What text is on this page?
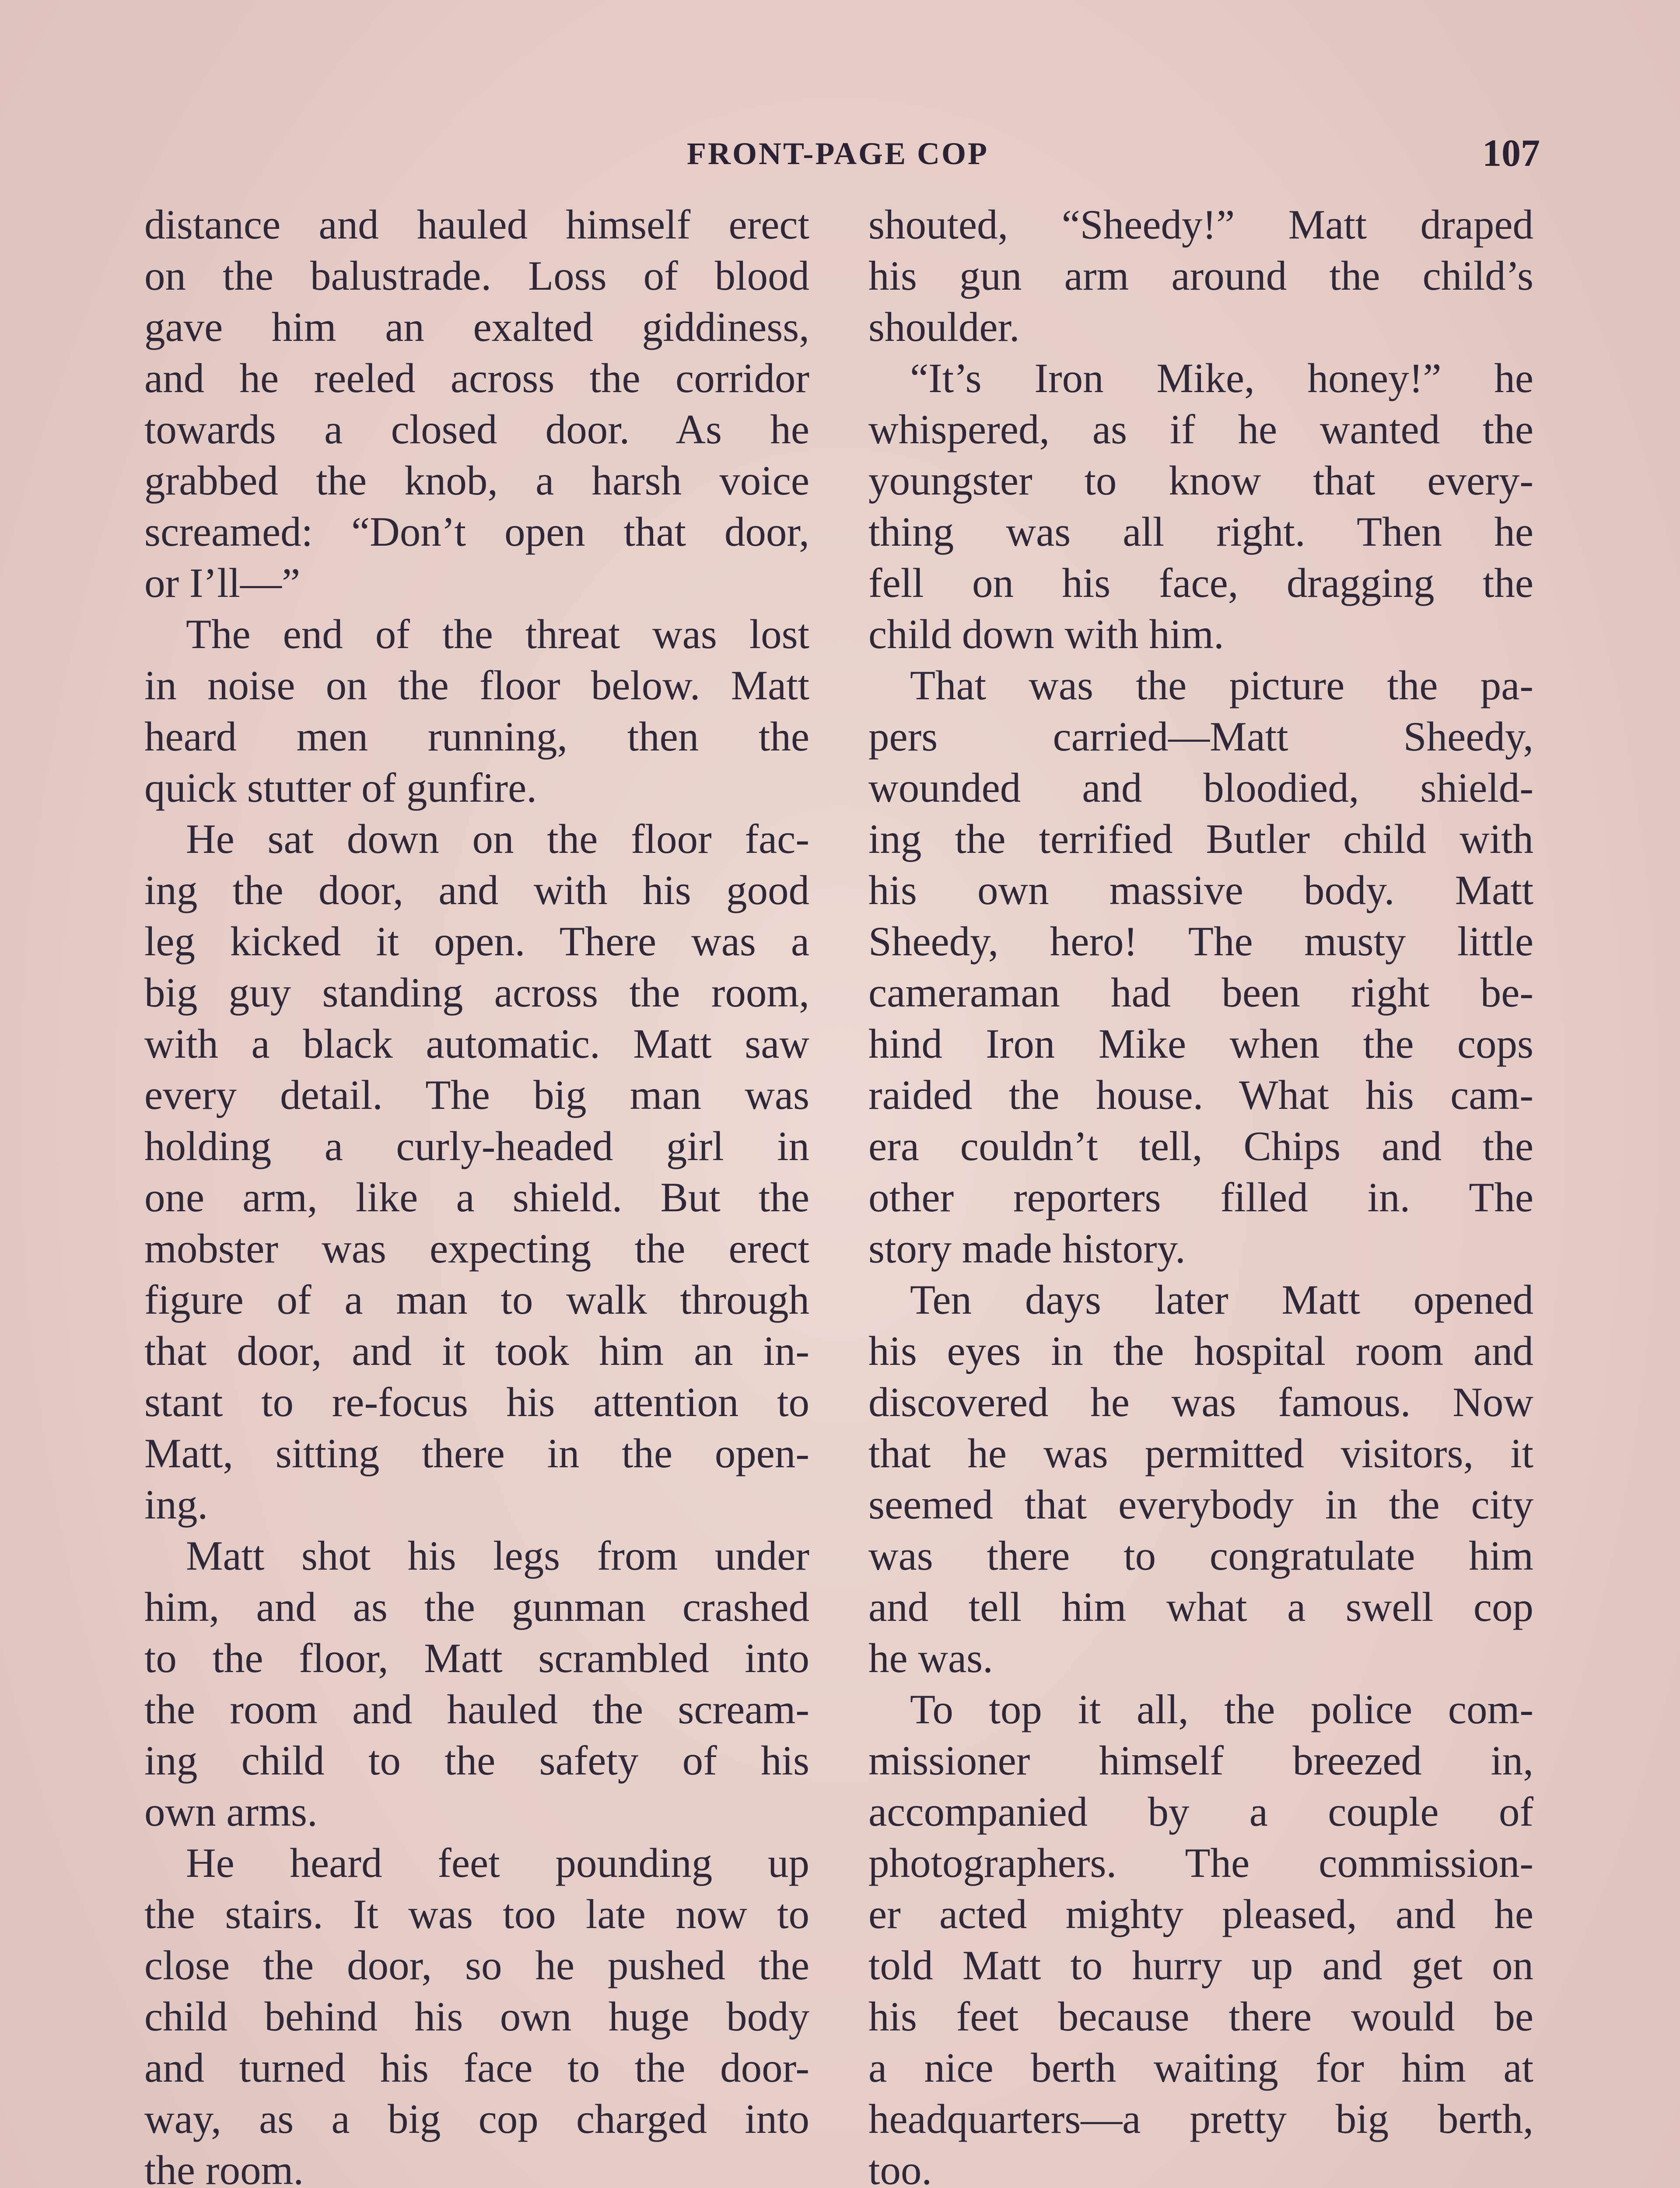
FRONT-PAGE COP	107
distance and hauled himself erect
on the balustrade. Loss of blood
gave him an exalted giddiness,
and he reeled across the corridor
towards a closed door. As he
grabbed the knob, a harsh voice
screamed: “Don’t open that door,
or I’ll—”
The end of the threat was lost
in noise on the floor below. Matt
heard men running, then the
quick stutter of gunfire.
He sat down on the floor fac-
ing the door, and with his good
leg kicked it open. There was a
big guy standing across the room,
with a black automatic. Matt saw
every detail. The big man was
holding a curly-headed girl in
one arm, like a shield. But the
mobster was expecting the erect
figure of a man to walk through
that door, and it took him an in-
stant to re-focus his attention to
Matt, sitting there in the open-
ing.
Matt shot his legs from under
him, and as the gunman crashed
to the floor, Matt scrambled into
the room and hauled the scream-
ing child to the safety of his
own arms.
He heard feet pounding up
the stairs. It was too late now to
close the door, so he pushed the
child behind his own huge body
and turned his face to the door-
way, as a big cop charged into
the room.
shouted, “Sheedy!” Matt draped
his gun arm around the child’s
shoulder.
“It’s Iron Mike, honey!” he
whispered, as if he wanted the
youngster to know that every-
thing was all right. Then he
fell on his face, dragging the
child down with him.
That was the picture the pa-
pers carried—Matt Sheedy,
wounded and bloodied, shield-
ing the terrified Butler child with
his own massive body. Matt
Sheedy, hero! The musty little
cameraman had been right be-
hind Iron Mike when the cops
raided the house. What his cam-
era couldn’t tell, Chips and the
other reporters filled in. The
story made history.
Ten days later Matt opened
his eyes in the hospital room and
discovered he was famous. Now
that he was permitted visitors, it
seemed that everybody in the city
was there to congratulate him
and tell him what a swell cop
he was.
To top it all, the police com-
missioner himself breezed in,
accompanied by a couple of
photographers. The commission-
er acted mighty pleased, and he
told Matt to hurry up and get on
his feet because there would be
a nice berth waiting for him at
headquarters—a pretty big berth,
too.
